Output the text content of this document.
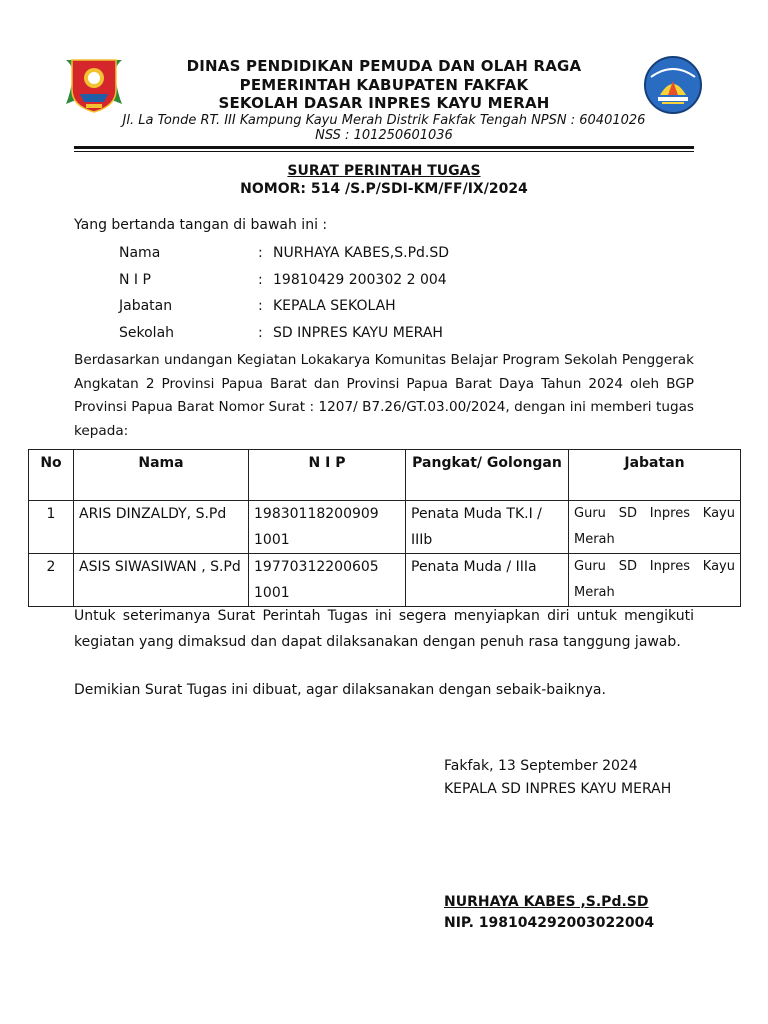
DINAS PENDIDIKAN PEMUDA DAN OLAH RAGA
PEMERINTAH KABUPATEN FAKFAK
SEKOLAH DASAR INPRES KAYU MERAH
Jl. La Tonde RT. III Kampung Kayu Merah Distrik Fakfak Tengah NPSN : 60401026
NSS : 101250601036
SURAT PERINTAH TUGAS
NOMOR: 514 /S.P/SDI-KM/FF/IX/2024
Yang bertanda tangan di bawah ini :
Nama	: NURHAYA KABES,S.Pd.SD
N I P	: 19810429 200302 2 004
Jabatan	: KEPALA SEKOLAH
Sekolah	: SD INPRES KAYU MERAH
Berdasarkan undangan Kegiatan Lokakarya Komunitas Belajar Program Sekolah Penggerak Angkatan 2 Provinsi Papua Barat dan Provinsi Papua Barat Daya Tahun 2024 oleh BGP Provinsi Papua Barat Nomor Surat : 1207/ B7.26/GT.03.00/2024, dengan ini memberi tugas kepada:
No	Nama	N I P	Pangkat/ Golongan	Jabatan
1	ARIS DINZALDY, S.Pd	19830118200909 1001	Penata Muda TK.I / IIIb	Guru SD Inpres Kayu Merah
2	ASIS SIWASIWAN , S.Pd	19770312200605 1001	Penata Muda / IIIa	Guru SD Inpres Kayu Merah
Untuk seterimanya Surat Perintah Tugas ini segera menyiapkan diri untuk mengikuti kegiatan yang dimaksud dan dapat dilaksanakan dengan penuh rasa tanggung jawab.
Demikian Surat Tugas ini dibuat, agar dilaksanakan dengan sebaik-baiknya.
Fakfak, 13 September 2024
KEPALA SD INPRES KAYU MERAH
NURHAYA KABES ,S.Pd.SD
NIP. 198104292003022004
